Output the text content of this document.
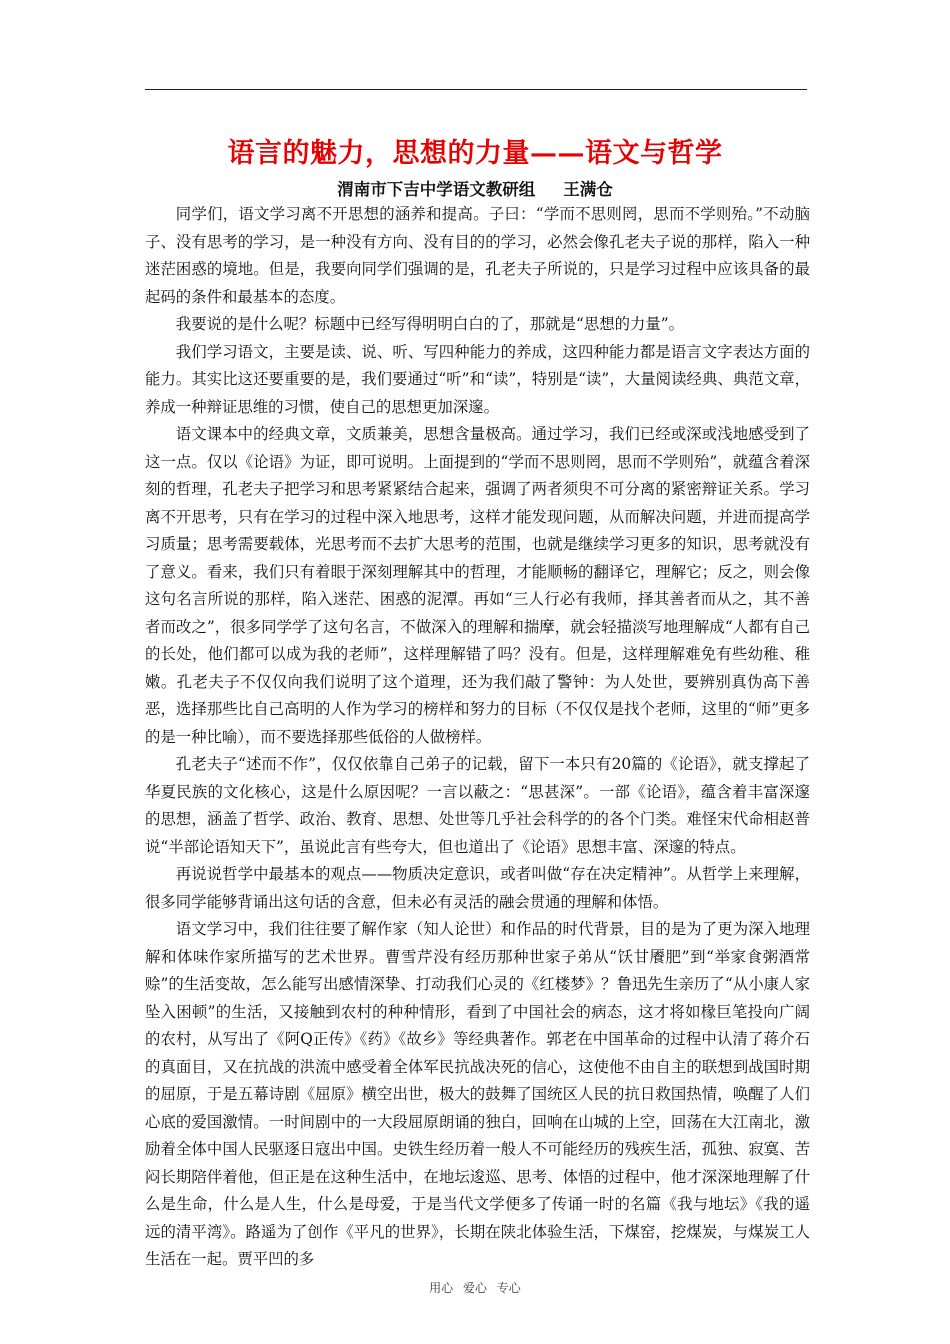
语言的魅力，思想的力量——语文与哲学
渭南市下吉中学语文教研组 王满仓

同学们，语文学习离不开思想的涵养和提高。子曰：“学而不思则罔，思而不学则殆。”不动脑子、没有思考的学习，是一种没有方向、没有目的的学习，必然会像孔老夫子说的那样，陷入一种迷茫困惑的境地。但是，我要向同学们强调的是，孔老夫子所说的，只是学习过程中应该具备的最起码的条件和最基本的态度。

我要说的是什么呢？标题中已经写得明明白白的了，那就是“思想的力量”。

我们学习语文，主要是读、说、听、写四种能力的养成，这四种能力都是语言文字表达方面的能力。其实比这还要重要的是，我们要通过“听”和“读”，特别是“读”，大量阅读经典、典范文章，养成一种辩证思维的习惯，使自己的思想更加深邃。

语文课本中的经典文章，文质兼美，思想含量极高。通过学习，我们已经或深或浅地感受到了这一点。仅以《论语》为证，即可说明。上面提到的“学而不思则罔，思而不学则殆”，就蕴含着深刻的哲理，孔老夫子把学习和思考紧紧结合起来，强调了两者须臾不可分离的紧密辩证关系。学习离不开思考，只有在学习的过程中深入地思考，这样才能发现问题，从而解决问题，并进而提高学习质量；思考需要载体，光思考而不去扩大思考的范围，也就是继续学习更多的知识，思考就没有了意义。看来，我们只有着眼于深刻理解其中的哲理，才能顺畅的翻译它，理解它；反之，则会像这句名言所说的那样，陷入迷茫、困惑的泥潭。再如“三人行必有我师，择其善者而从之，其不善者而改之”，很多同学学了这句名言，不做深入的理解和揣摩，就会轻描淡写地理解成“人都有自己的长处，他们都可以成为我的老师”，这样理解错了吗？没有。但是，这样理解难免有些幼稚、稚嫩。孔老夫子不仅仅向我们说明了这个道理，还为我们敲了警钟：为人处世，要辨别真伪高下善恶，选择那些比自己高明的人作为学习的榜样和努力的目标（不仅仅是找个老师，这里的“师”更多的是一种比喻），而不要选择那些低俗的人做榜样。

孔老夫子“述而不作”，仅仅依靠自己弟子的记载，留下一本只有20篇的《论语》，就支撑起了华夏民族的文化核心，这是什么原因呢？一言以蔽之：“思甚深”。一部《论语》，蕴含着丰富深邃的思想，涵盖了哲学、政治、教育、思想、处世等几乎社会科学的的各个门类。难怪宋代命相赵普说“半部论语知天下”，虽说此言有些夸大，但也道出了《论语》思想丰富、深邃的特点。

再说说哲学中最基本的观点——物质决定意识，或者叫做“存在决定精神”。从哲学上来理解，很多同学能够背诵出这句话的含意，但未必有灵活的融会贯通的理解和体悟。

语文学习中，我们往往要了解作家（知人论世）和作品的时代背景，目的是为了更为深入地理解和体味作家所描写的艺术世界。曹雪芹没有经历那种世家子弟从“饫甘餍肥”到“举家食粥酒常赊”的生活变故，怎么能写出感情深挚、打动我们心灵的《红楼梦》？鲁迅先生亲历了“从小康人家坠入困顿”的生活，又接触到农村的种种情形，看到了中国社会的病态，这才将如椽巨笔投向广阔的农村，从写出了《阿Q正传》《药》《故乡》等经典著作。郭老在中国革命的过程中认清了蒋介石的真面目，又在抗战的洪流中感受着全体军民抗战决死的信心，这使他不由自主的联想到战国时期的屈原，于是五幕诗剧《屈原》横空出世，极大的鼓舞了国统区人民的抗日救国热情，唤醒了人们心底的爱国激情。一时间剧中的一大段屈原朗诵的独白，回响在山城的上空，回荡在大江南北，激励着全体中国人民驱逐日寇出中国。史铁生经历着一般人不可能经历的残疾生活，孤独、寂寞、苦闷长期陪伴着他，但正是在这种生活中，在地坛逡巡、思考、体悟的过程中，他才深深地理解了什么是生命，什么是人生，什么是母爱，于是当代文学便多了传诵一时的名篇《我与地坛》《我的遥远的清平湾》。路遥为了创作《平凡的世界》，长期在陕北体验生活，下煤窑，挖煤炭，与煤炭工人生活在一起。贾平凹的多

用心 爱心 专心
